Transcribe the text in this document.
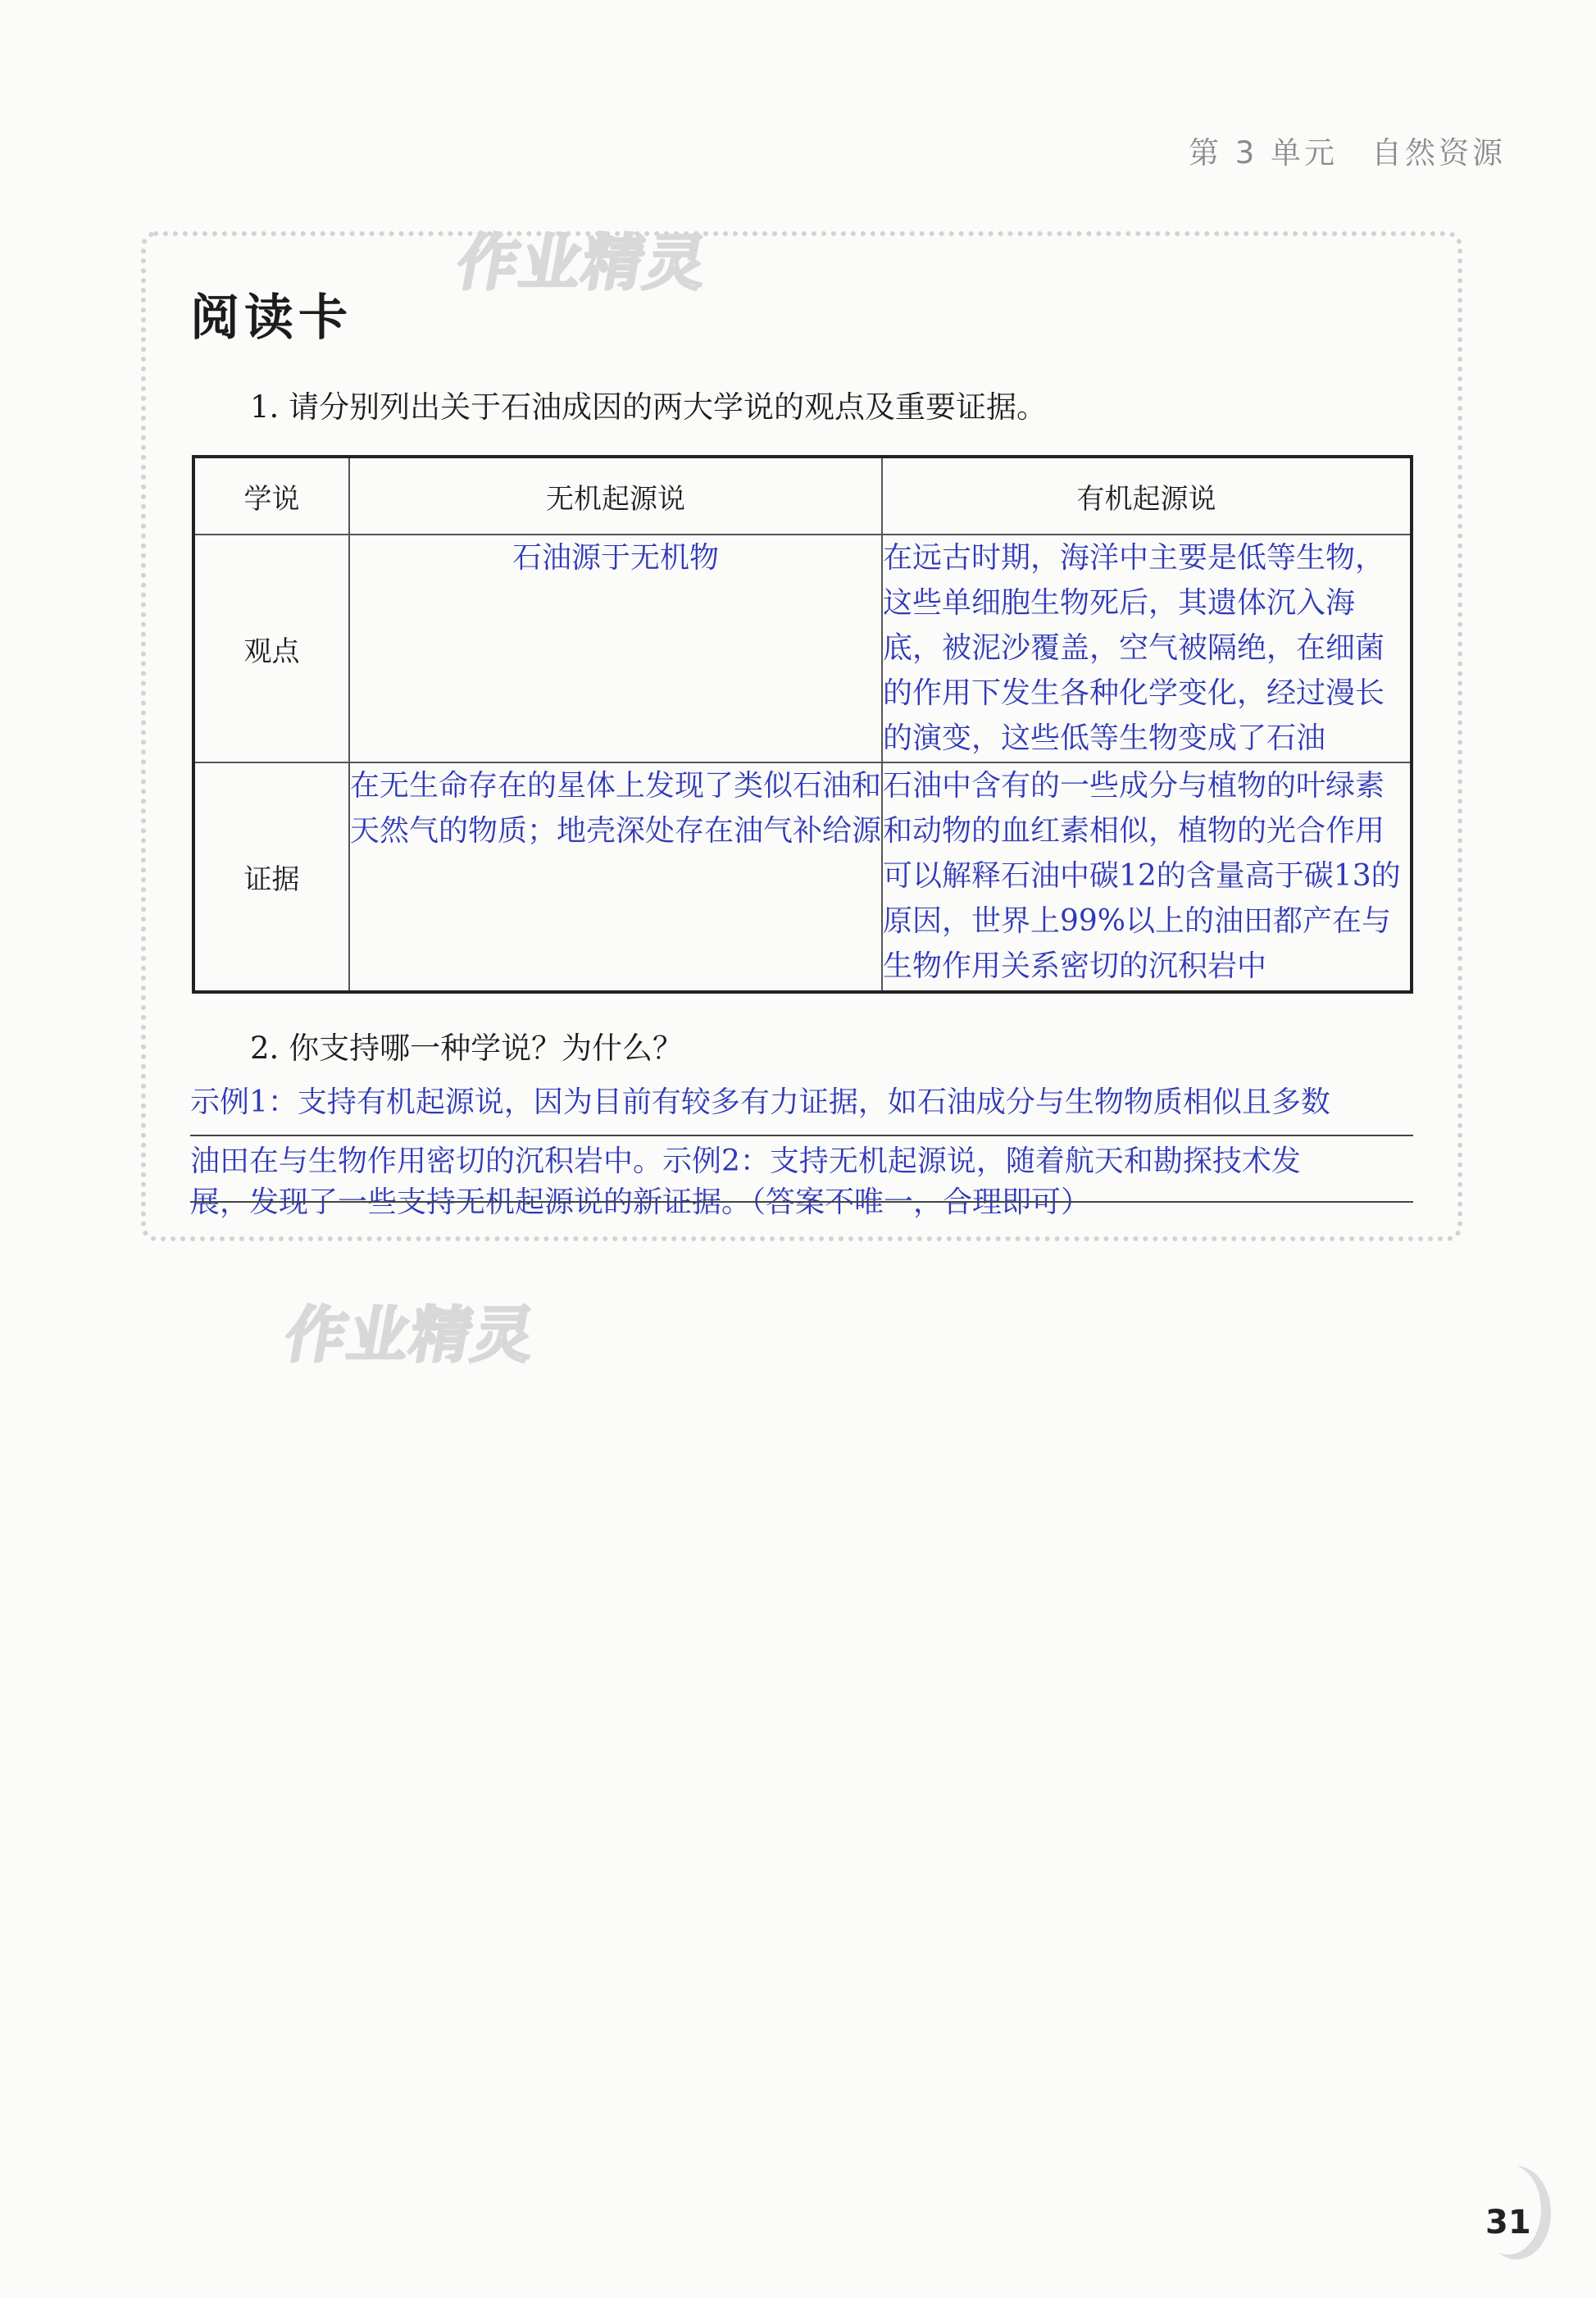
第 3 单元　自然资源
作业精灵
作业精灵
阅读卡
1. 请分别列出关于石油成因的两大学说的观点及重要证据。
学说	无机起源说	有机起源说
观点	石油源于无机物	在远古时期，海洋中主要是低等生物，这些单细胞生物死后，其遗体沉入海底，被泥沙覆盖，空气被隔绝，在细菌的作用下发生各种化学变化，经过漫长的演变，这些低等生物变成了石油
证据	在无生命存在的星体上发现了类似石油和天然气的物质；地壳深处存在油气补给源	石油中含有的一些成分与植物的叶绿素和动物的血红素相似，植物的光合作用可以解释石油中碳12的含量高于碳13的原因，世界上99%以上的油田都产在与生物作用关系密切的沉积岩中
2. 你支持哪一种学说？为什么？
示例1：支持有机起源说，因为目前有较多有力证据，如石油成分与生物物质相似且多数
油田在与生物作用密切的沉积岩中。示例2：支持无机起源说，随着航天和勘探技术发
展，发现了一些支持无机起源说的新证据。（答案不唯一，合理即可）
31
